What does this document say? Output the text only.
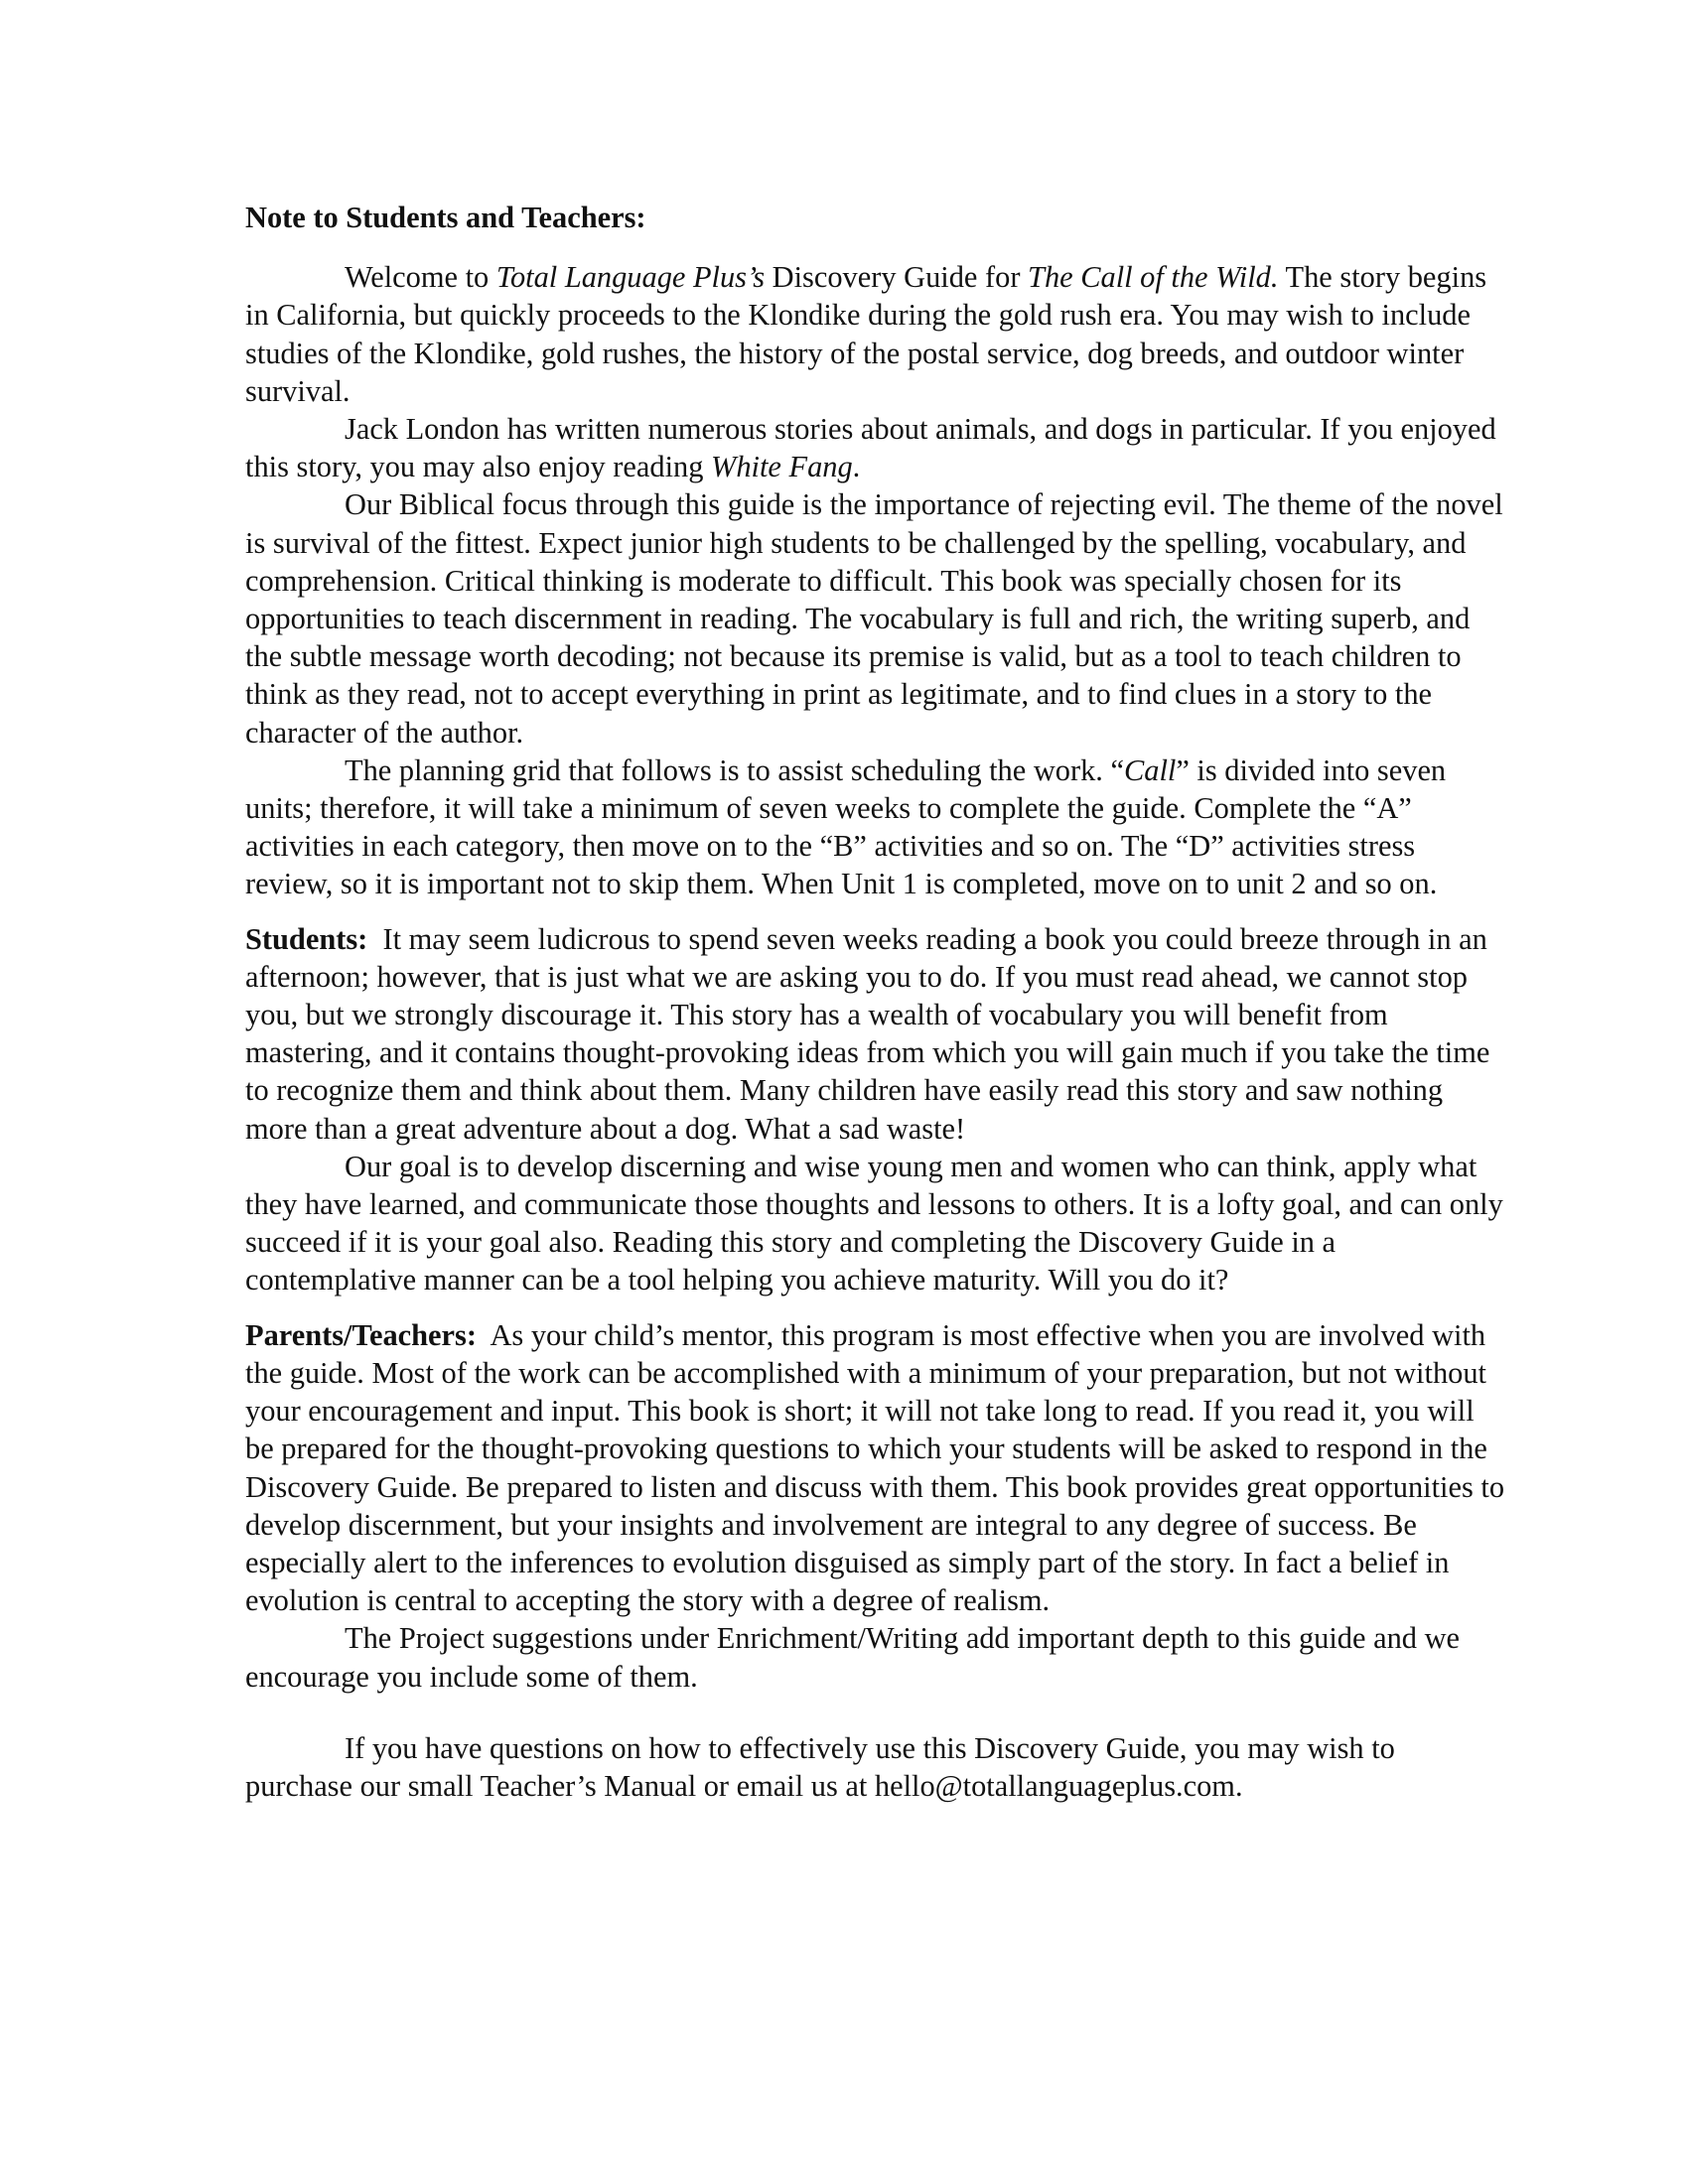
Note to Students and Teachers:

Welcome to Total Language Plus’s Discovery Guide for The Call of the Wild. The story begins in California, but quickly proceeds to the Klondike during the gold rush era. You may wish to include studies of the Klondike, gold rushes, the history of the postal service, dog breeds, and outdoor winter survival.

Jack London has written numerous stories about animals, and dogs in particular. If you enjoyed this story, you may also enjoy reading White Fang.

Our Biblical focus through this guide is the importance of rejecting evil. The theme of the novel is survival of the fittest. Expect junior high students to be challenged by the spelling, vocabulary, and comprehension. Critical thinking is moderate to difficult. This book was specially chosen for its opportunities to teach discernment in reading. The vocabulary is full and rich, the writing superb, and the subtle message worth decoding; not because its premise is valid, but as a tool to teach children to think as they read, not to accept everything in print as legitimate, and to find clues in a story to the character of the author.

The planning grid that follows is to assist scheduling the work. “Call” is divided into seven units; therefore, it will take a minimum of seven weeks to complete the guide. Complete the “A” activities in each category, then move on to the “B” activities and so on. The “D” activities stress review, so it is important not to skip them. When Unit 1 is completed, move on to unit 2 and so on.

Students:  It may seem ludicrous to spend seven weeks reading a book you could breeze through in an afternoon; however, that is just what we are asking you to do. If you must read ahead, we cannot stop you, but we strongly discourage it. This story has a wealth of vocabulary you will benefit from mastering, and it contains thought-provoking ideas from which you will gain much if you take the time to recognize them and think about them. Many children have easily read this story and saw nothing more than a great adventure about a dog. What a sad waste!

Our goal is to develop discerning and wise young men and women who can think, apply what they have learned, and communicate those thoughts and lessons to others. It is a lofty goal, and can only succeed if it is your goal also. Reading this story and completing the Discovery Guide in a contemplative manner can be a tool helping you achieve maturity. Will you do it?

Parents/Teachers:  As your child’s mentor, this program is most effective when you are involved with the guide. Most of the work can be accomplished with a minimum of your preparation, but not without your encouragement and input. This book is short; it will not take long to read. If you read it, you will be prepared for the thought-provoking questions to which your students will be asked to respond in the Discovery Guide. Be prepared to listen and discuss with them. This book provides great opportunities to develop discernment, but your insights and involvement are integral to any degree of success. Be especially alert to the inferences to evolution disguised as simply part of the story. In fact a belief in evolution is central to accepting the story with a degree of realism.

The Project suggestions under Enrichment/Writing add important depth to this guide and we encourage you include some of them.

If you have questions on how to effectively use this Discovery Guide, you may wish to purchase our small Teacher’s Manual or email us at hello@totallanguageplus.com.
